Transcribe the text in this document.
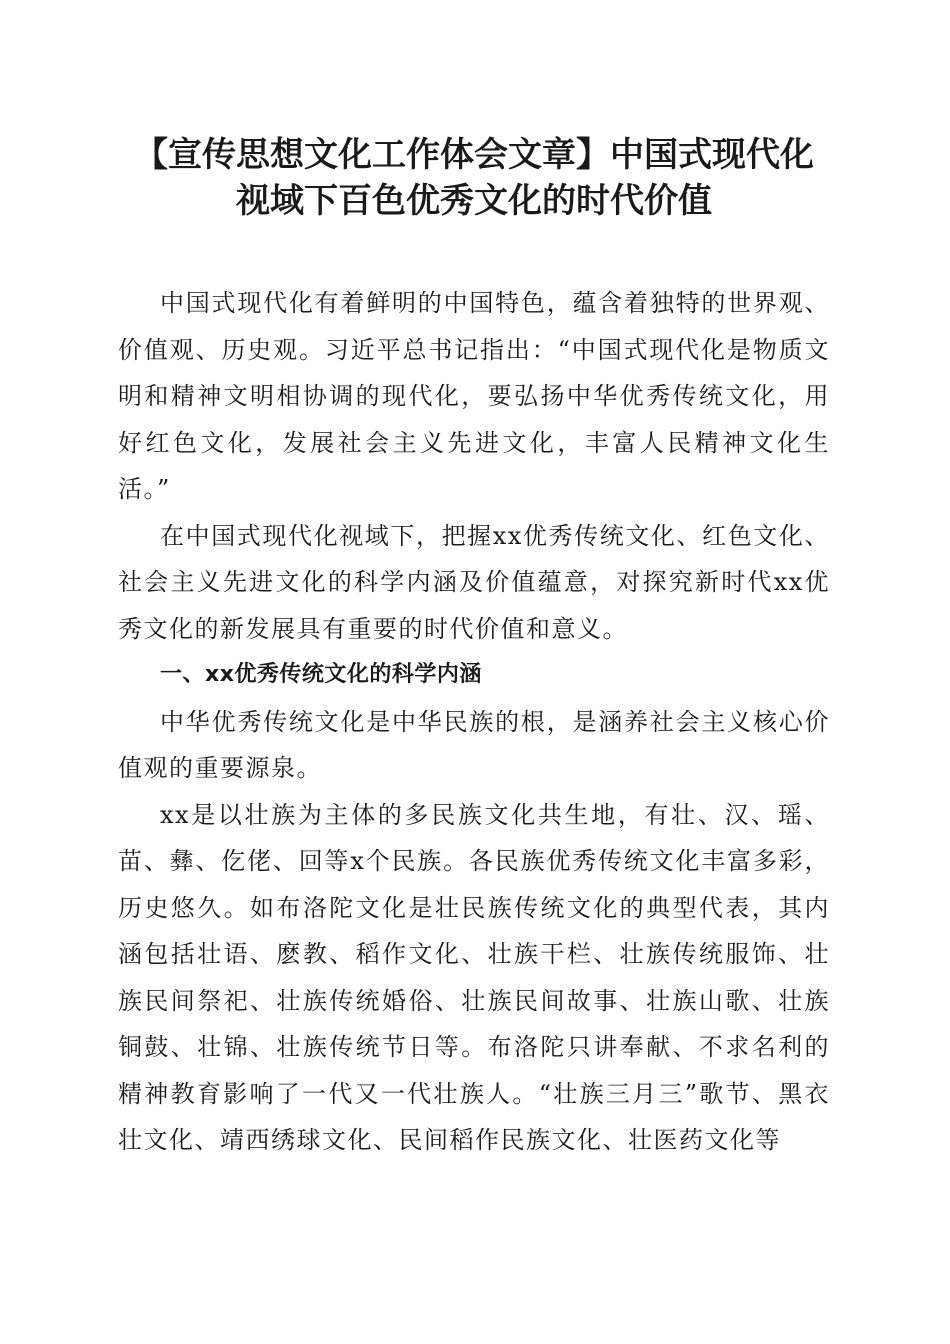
【宣传思想文化工作体会文章】中国式现代化
视域下百色优秀文化的时代价值

中国式现代化有着鲜明的中国特色，蕴含着独特的世界观、价值观、历史观。习近平总书记指出：“中国式现代化是物质文明和精神文明相协调的现代化，要弘扬中华优秀传统文化，用好红色文化，发展社会主义先进文化，丰富人民精神文化生活。”

在中国式现代化视域下，把握xx优秀传统文化、红色文化、社会主义先进文化的科学内涵及价值蕴意，对探究新时代xx优秀文化的新发展具有重要的时代价值和意义。

一、xx优秀传统文化的科学内涵

中华优秀传统文化是中华民族的根，是涵养社会主义核心价值观的重要源泉。

xx是以壮族为主体的多民族文化共生地，有壮、汉、瑶、苗、彝、仡佬、回等x个民族。各民族优秀传统文化丰富多彩，历史悠久。如布洛陀文化是壮民族传统文化的典型代表，其内涵包括壮语、麽教、稻作文化、壮族干栏、壮族传统服饰、壮族民间祭祀、壮族传统婚俗、壮族民间故事、壮族山歌、壮族铜鼓、壮锦、壮族传统节日等。布洛陀只讲奉献、不求名利的精神教育影响了一代又一代壮族人。“壮族三月三”歌节、黑衣壮文化、靖西绣球文化、民间稻作民族文化、壮医药文化等
